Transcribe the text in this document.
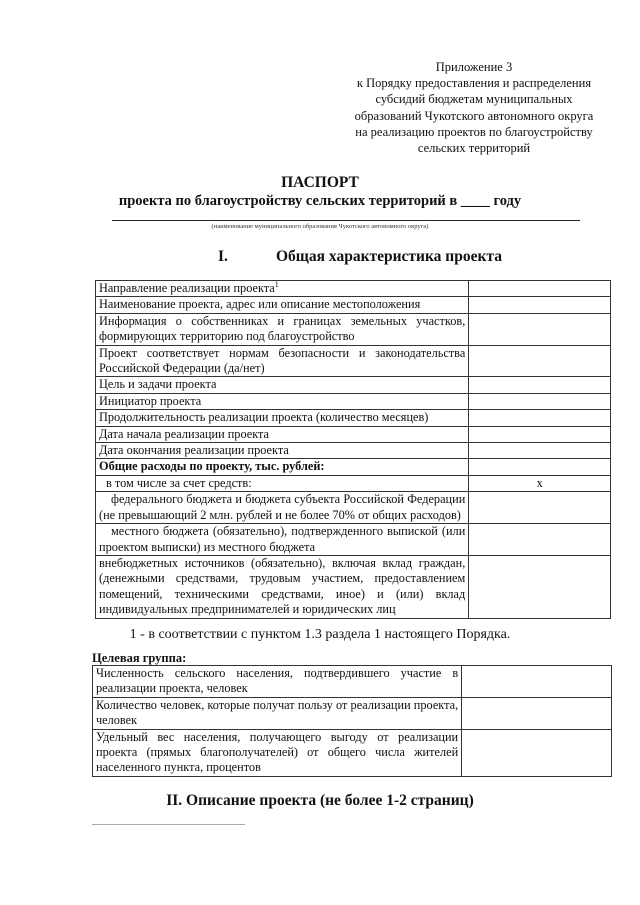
Приложение 3
к Порядку предоставления и распределения
субсидий бюджетам муниципальных
образований Чукотского автономного округа
на реализацию проектов по благоустройству
сельских территорий
ПАСПОРТ
проекта по благоустройству сельских территорий в ____ году
(наименование муниципального образования Чукотского автономного округа)
I.	Общая характеристика проекта
Направление реализации проекта$^1$	
Наименование проекта, адрес или описание местоположения	
Информация о собственниках и границах земельных участков, формирующих территорию под благоустройство	
Проект соответствует нормам безопасности и законодательства Российской Федерации (да/нет)	
Цель и задачи проекта	
Инициатор проекта	
Продолжительность реализации проекта (количество месяцев)	
Дата начала реализации проекта	
Дата окончания реализации проекта	
Общие расходы по проекту, тыс. рублей:	
в том числе за счет средств:	х
федерального бюджета и бюджета субъекта Российской Федерации (не превышающий 2 млн. рублей и не более 70% от общих расходов)	
местного бюджета (обязательно), подтвержденного выпиской (или проектом выписки) из местного бюджета	
внебюджетных источников (обязательно), включая вклад граждан, (денежными средствами, трудовым участием, предоставлением помещений, техническими средствами, иное) и (или) вклад индивидуальных предпринимателей и юридических лиц	
1 - в соответствии с пунктом 1.3 раздела 1 настоящего Порядка.
Целевая группа:
Численность сельского населения, подтвердившего участие в реализации проекта, человек	
Количество человек, которые получат пользу от реализации проекта, человек	
Удельный вес населения, получающего выгоду от реализации проекта (прямых благополучателей) от общего числа жителей населенного пункта, процентов	
II. Описание проекта (не более 1-2 страниц)
